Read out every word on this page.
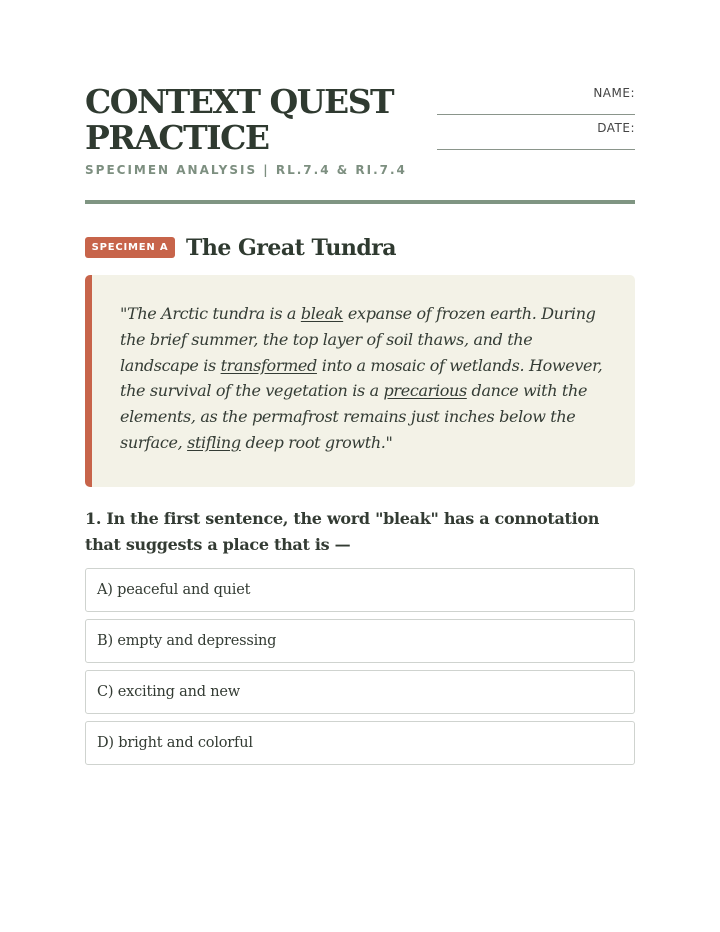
CONTEXT QUEST PRACTICE
SPECIMEN ANALYSIS | RL.7.4 & RI.7.4
NAME:
DATE:
SPECIMEN A The Great Tundra
"The Arctic tundra is a bleak expanse of frozen earth. During the brief summer, the top layer of soil thaws, and the landscape is transformed into a mosaic of wetlands. However, the survival of the vegetation is a precarious dance with the elements, as the permafrost remains just inches below the surface, stifling deep root growth."
1. In the first sentence, the word "bleak" has a connotation that suggests a place that is —
A) peaceful and quiet
B) empty and depressing
C) exciting and new
D) bright and colorful
